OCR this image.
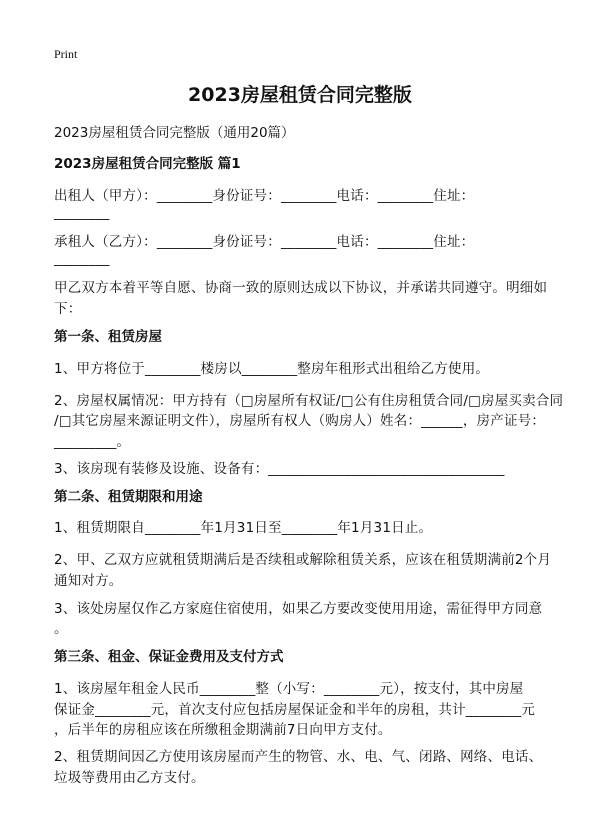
Print
2023房屋租赁合同完整版
2023房屋租赁合同完整版（通用20篇）
2023房屋租赁合同完整版 篇1
出租人（甲方）：________身份证号：________电话：________住址：
________
承租人（乙方）：________身份证号：________电话：________住址：
________
甲乙双方本着平等自愿、协商一致的原则达成以下协议，并承诺共同遵守。明细如
下：
第一条、租赁房屋
1、甲方将位于________楼房以________整房年租形式出租给乙方使用。
2、房屋权属情况：甲方持有（□房屋所有权证/□公有住房租赁合同/□房屋买卖合同
/□其它房屋来源证明文件），房屋所有权人（购房人）姓名：______，房产证号：
_________。
3、该房现有装修及设施、设备有：__________________________________
第二条、租赁期限和用途
1、租赁期限自________年1月31日至________年1月31日止。
2、甲、乙双方应就租赁期满后是否续租或解除租赁关系，应该在租赁期满前2个月
通知对方。
3、该处房屋仅作乙方家庭住宿使用，如果乙方要改变使用用途，需征得甲方同意
。
第三条、租金、保证金费用及支付方式
1、该房屋年租金人民币________整（小写：________元），按支付，其中房屋
保证金________元，首次支付应包括房屋保证金和半年的房租，共计________元
，后半年的房租应该在所缴租金期满前7日向甲方支付。
2、租赁期间因乙方使用该房屋而产生的物管、水、电、气、闭路、网络、电话、
垃圾等费用由乙方支付。
